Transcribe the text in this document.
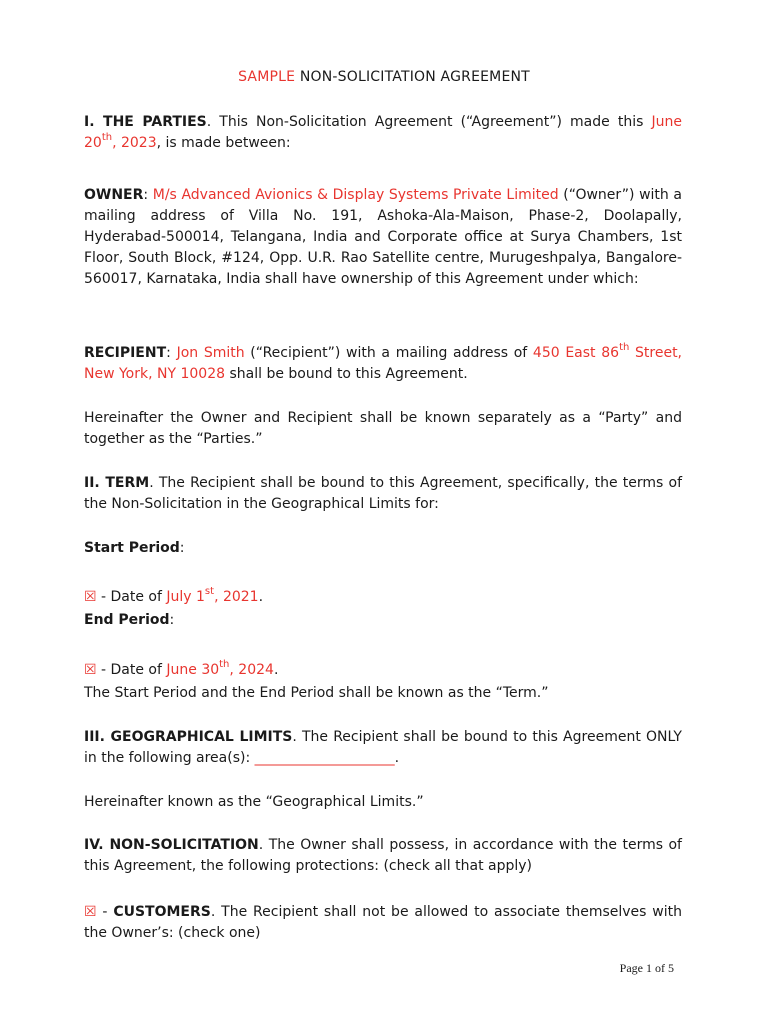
SAMPLE NON-SOLICITATION AGREEMENT
I. THE PARTIES. This Non-Solicitation Agreement (“Agreement”) made this June 20th, 2023, is made between:
OWNER: M/s Advanced Avionics & Display Systems Private Limited (“Owner”) with a mailing address of Villa No. 191, Ashoka-Ala-Maison, Phase-2, Doolapally, Hyderabad-500014, Telangana, India and Corporate office at Surya Chambers, 1st Floor, South Block, #124, Opp. U.R. Rao Satellite centre, Murugeshpalya, Bangalore-560017, Karnataka, India shall have ownership of this Agreement under which:
RECIPIENT: Jon Smith (“Recipient”) with a mailing address of 450 East 86th Street, New York, NY 10028 shall be bound to this Agreement.
Hereinafter the Owner and Recipient shall be known separately as a “Party” and together as the “Parties.”
II. TERM. The Recipient shall be bound to this Agreement, specifically, the terms of the Non-Solicitation in the Geographical Limits for:
Start Period:
☒ - Date of July 1st, 2021.
End Period:
☒ - Date of June 30th, 2024.
The Start Period and the End Period shall be known as the “Term.”
III. GEOGRAPHICAL LIMITS. The Recipient shall be bound to this Agreement ONLY in the following area(s): ____________________.
Hereinafter known as the “Geographical Limits.”
IV. NON-SOLICITATION. The Owner shall possess, in accordance with the terms of this Agreement, the following protections: (check all that apply)
☒ - CUSTOMERS. The Recipient shall not be allowed to associate themselves with the Owner’s: (check one)
Page 1 of 5
